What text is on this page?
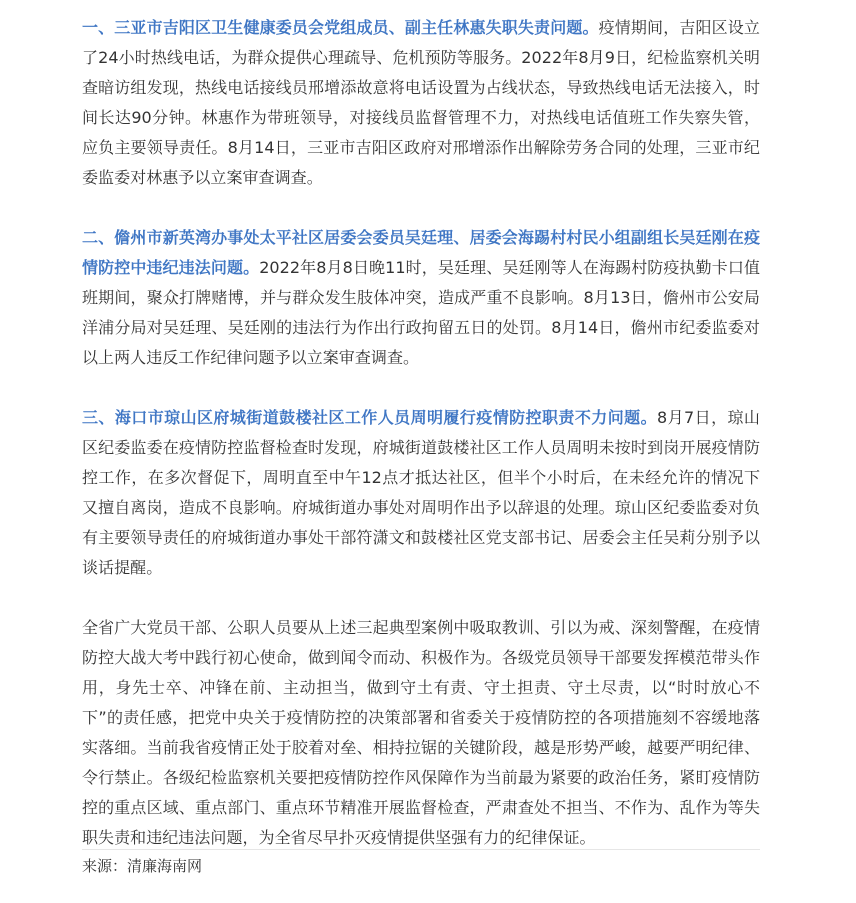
一、三亚市吉阳区卫生健康委员会党组成员、副主任林惠失职失责问题。疫情期间，吉阳区设立了24小时热线电话，为群众提供心理疏导、危机预防等服务。2022年8月9日，纪检监察机关明查暗访组发现，热线电话接线员邢增添故意将电话设置为占线状态，导致热线电话无法接入，时间长达90分钟。林惠作为带班领导，对接线员监督管理不力，对热线电话值班工作失察失管，应负主要领导责任。8月14日，三亚市吉阳区政府对邢增添作出解除劳务合同的处理，三亚市纪委监委对林惠予以立案审查调查。

二、儋州市新英湾办事处太平社区居委会委员吴廷理、居委会海踢村村民小组副组长吴廷刚在疫情防控中违纪违法问题。2022年8月8日晚11时，吴廷理、吴廷刚等人在海踢村防疫执勤卡口值班期间，聚众打牌赌博，并与群众发生肢体冲突，造成严重不良影响。8月13日，儋州市公安局洋浦分局对吴廷理、吴廷刚的违法行为作出行政拘留五日的处罚。8月14日，儋州市纪委监委对以上两人违反工作纪律问题予以立案审查调查。

三、海口市琼山区府城街道鼓楼社区工作人员周明履行疫情防控职责不力问题。8月7日，琼山区纪委监委在疫情防控监督检查时发现，府城街道鼓楼社区工作人员周明未按时到岗开展疫情防控工作，在多次督促下，周明直至中午12点才抵达社区，但半个小时后，在未经允许的情况下又擅自离岗，造成不良影响。府城街道办事处对周明作出予以辞退的处理。琼山区纪委监委对负有主要领导责任的府城街道办事处干部符潇文和鼓楼社区党支部书记、居委会主任吴莉分别予以谈话提醒。

全省广大党员干部、公职人员要从上述三起典型案例中吸取教训、引以为戒、深刻警醒，在疫情防控大战大考中践行初心使命，做到闻令而动、积极作为。各级党员领导干部要发挥模范带头作用，身先士卒、冲锋在前、主动担当，做到守土有责、守土担责、守土尽责，以“时时放心不下”的责任感，把党中央关于疫情防控的决策部署和省委关于疫情防控的各项措施刻不容缓地落实落细。当前我省疫情正处于胶着对垒、相持拉锯的关键阶段，越是形势严峻，越要严明纪律、令行禁止。各级纪检监察机关要把疫情防控作风保障作为当前最为紧要的政治任务，紧盯疫情防控的重点区域、重点部门、重点环节精准开展监督检查，严肃查处不担当、不作为、乱作为等失职失责和违纪违法问题，为全省尽早扑灭疫情提供坚强有力的纪律保证。

来源：清廉海南网
